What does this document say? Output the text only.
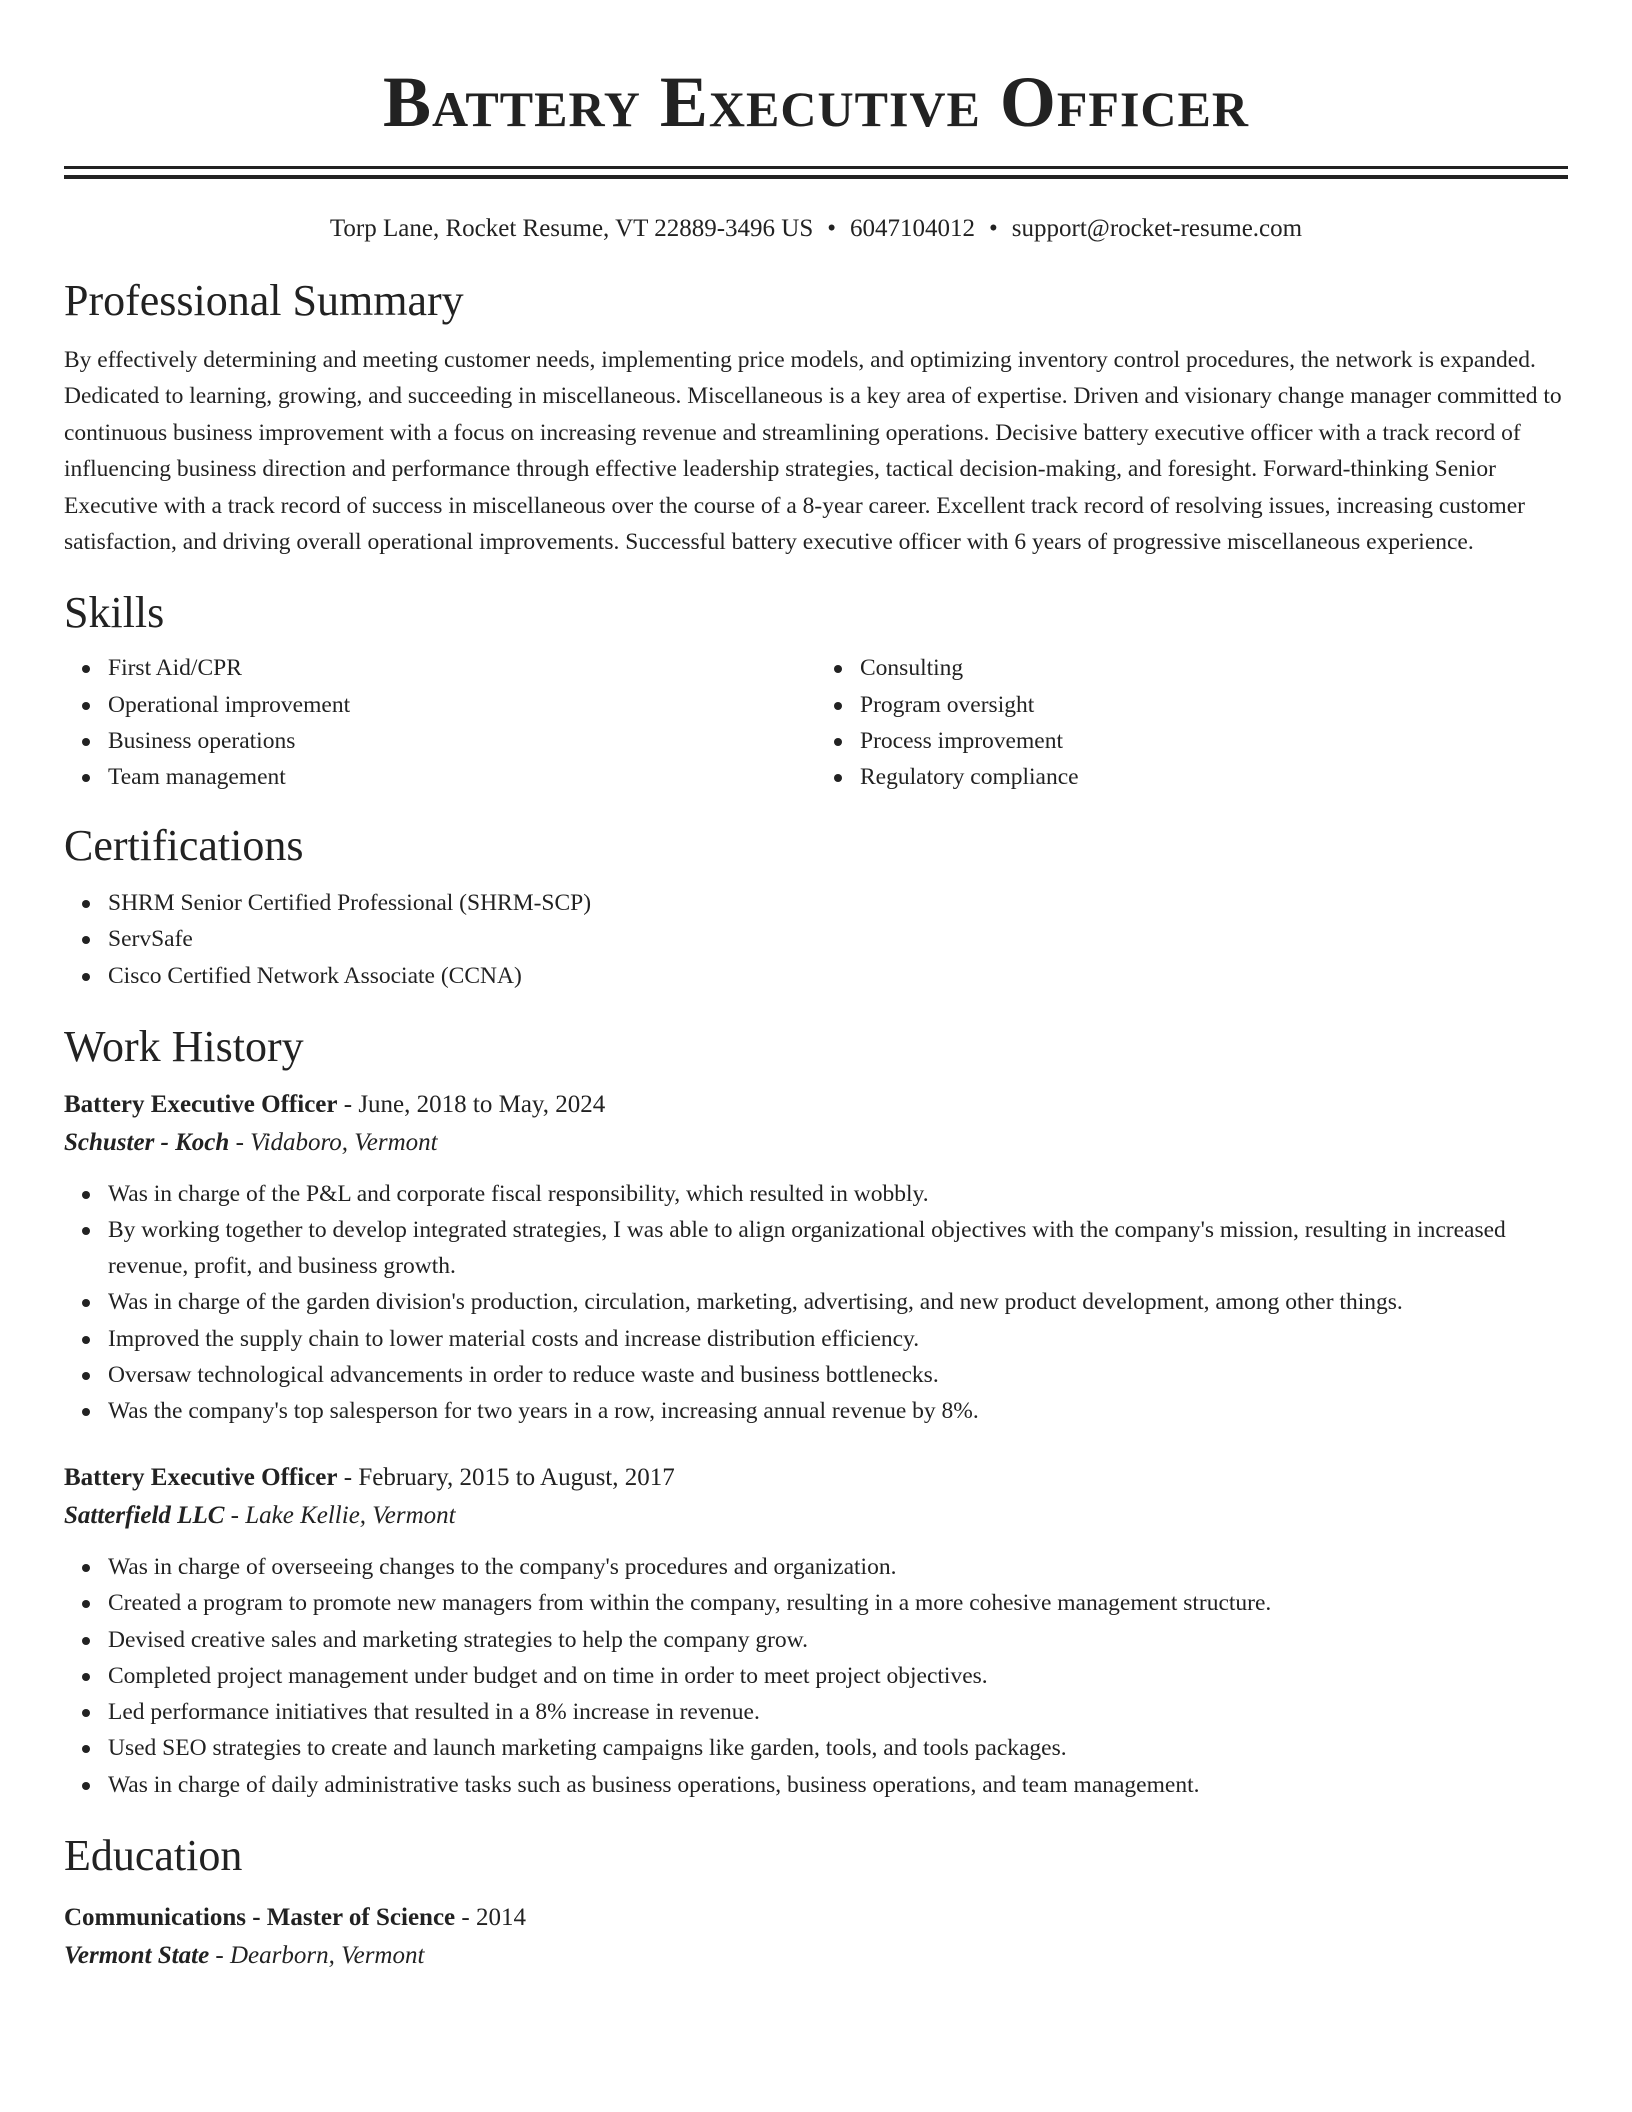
Battery Executive Officer
Torp Lane, Rocket Resume, VT 22889-3496 US • 6047104012 • support@rocket-resume.com
Professional Summary

By effectively determining and meeting customer needs, implementing price models, and optimizing inventory control procedures, the network is expanded. Dedicated to learning, growing, and succeeding in miscellaneous. Miscellaneous is a key area of expertise. Driven and visionary change manager committed to continuous business improvement with a focus on increasing revenue and streamlining operations. Decisive battery executive officer with a track record of influencing business direction and performance through effective leadership strategies, tactical decision-making, and foresight. Forward-thinking Senior Executive with a track record of success in miscellaneous over the course of a 8-year career. Excellent track record of resolving issues, increasing customer satisfaction, and driving overall operational improvements. Successful battery executive officer with 6 years of progressive miscellaneous experience.

Skills
First Aid/CPR
Operational improvement
Business operations
Team management
Consulting
Program oversight
Process improvement
Regulatory compliance
Certifications
SHRM Senior Certified Professional (SHRM-SCP)
ServSafe
Cisco Certified Network Associate (CCNA)
Work History
Battery Executive Officer - June, 2018 to May, 2024
Schuster - Koch - Vidaboro, Vermont
Was in charge of the P&L and corporate fiscal responsibility, which resulted in wobbly.
By working together to develop integrated strategies, I was able to align organizational objectives with the company's mission, resulting in increased revenue, profit, and business growth.
Was in charge of the garden division's production, circulation, marketing, advertising, and new product development, among other things.
Improved the supply chain to lower material costs and increase distribution efficiency.
Oversaw technological advancements in order to reduce waste and business bottlenecks.
Was the company's top salesperson for two years in a row, increasing annual revenue by 8%.
Battery Executive Officer - February, 2015 to August, 2017
Satterfield LLC - Lake Kellie, Vermont
Was in charge of overseeing changes to the company's procedures and organization.
Created a program to promote new managers from within the company, resulting in a more cohesive management structure.
Devised creative sales and marketing strategies to help the company grow.
Completed project management under budget and on time in order to meet project objectives.
Led performance initiatives that resulted in a 8% increase in revenue.
Used SEO strategies to create and launch marketing campaigns like garden, tools, and tools packages.
Was in charge of daily administrative tasks such as business operations, business operations, and team management.
Education
Communications - Master of Science - 2014
Vermont State - Dearborn, Vermont
